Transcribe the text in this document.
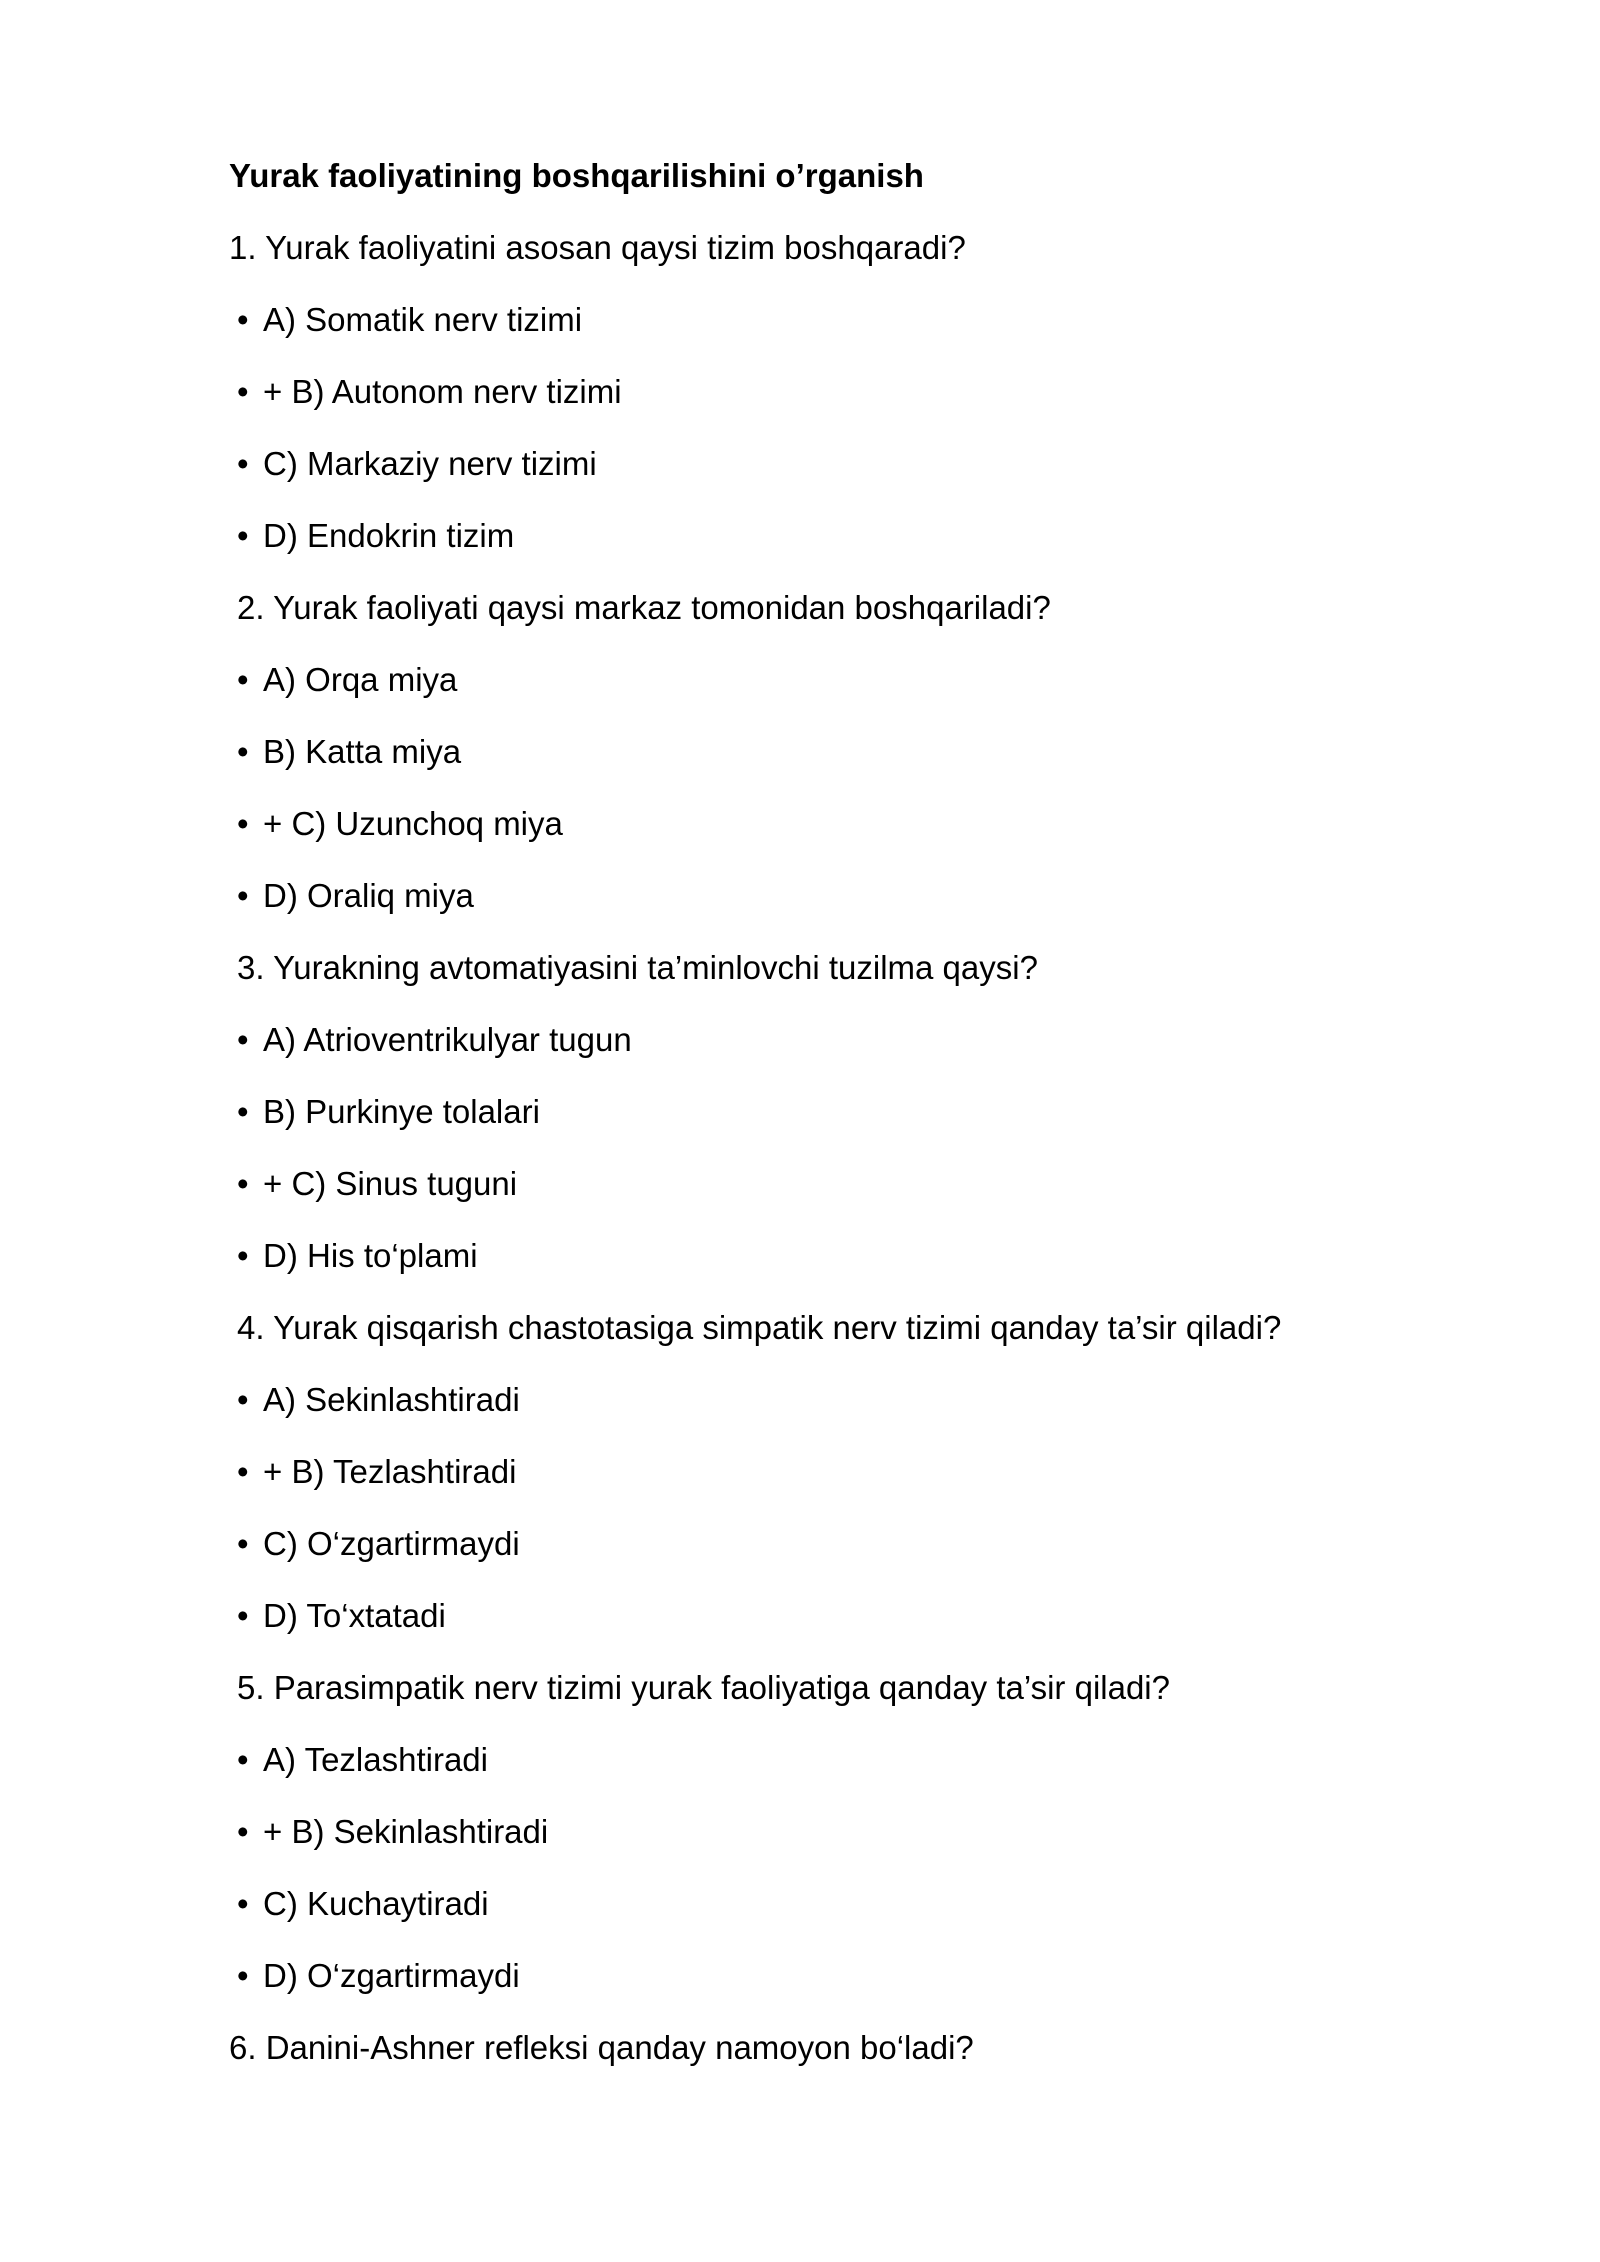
Yurak faoliyatining boshqarilishini o’rganish
1. Yurak faoliyatini asosan qaysi tizim boshqaradi?
• A) Somatik nerv tizimi
• + B) Autonom nerv tizimi
• C) Markaziy nerv tizimi
• D) Endokrin tizim
2. Yurak faoliyati qaysi markaz tomonidan boshqariladi?
• A) Orqa miya
• B) Katta miya
• + C) Uzunchoq miya
• D) Oraliq miya
3. Yurakning avtomatiyasini ta’minlovchi tuzilma qaysi?
• A) Atrioventrikulyar tugun
• B) Purkinye tolalari
• + C) Sinus tuguni
• D) His to‘plami
4. Yurak qisqarish chastotasiga simpatik nerv tizimi qanday ta’sir qiladi?
• A) Sekinlashtiradi
• + B) Tezlashtiradi
• C) O‘zgartirmaydi
• D) To‘xtatadi
5. Parasimpatik nerv tizimi yurak faoliyatiga qanday ta’sir qiladi?
• A) Tezlashtiradi
• + B) Sekinlashtiradi
• C) Kuchaytiradi
• D) O‘zgartirmaydi
6. Danini-Ashner refleksi qanday namoyon bo‘ladi?
